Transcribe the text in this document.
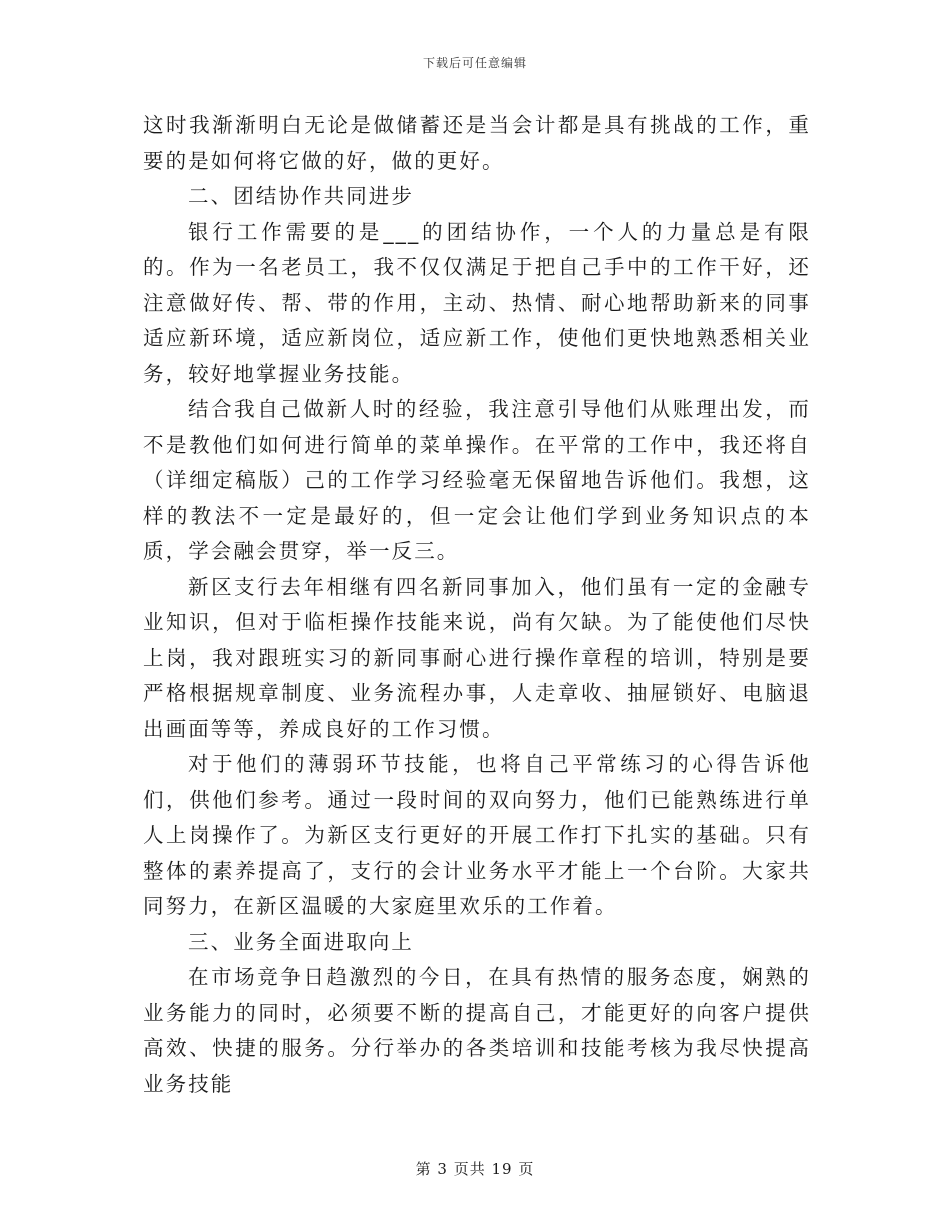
下载后可任意编辑

这时我渐渐明白无论是做储蓄还是当会计都是具有挑战的工作，重要的是如何将它做的好，做的更好。

二、团结协作共同进步

银行工作需要的是___的团结协作，一个人的力量总是有限的。作为一名老员工，我不仅仅满足于把自己手中的工作干好，还注意做好传、帮、带的作用，主动、热情、耐心地帮助新来的同事适应新环境，适应新岗位，适应新工作，使他们更快地熟悉相关业务，较好地掌握业务技能。

结合我自己做新人时的经验，我注意引导他们从账理出发，而不是教他们如何进行简单的菜单操作。在平常的工作中，我还将自（详细定稿版）己的工作学习经验毫无保留地告诉他们。我想，这样的教法不一定是最好的，但一定会让他们学到业务知识点的本质，学会融会贯穿，举一反三。

新区支行去年相继有四名新同事加入，他们虽有一定的金融专业知识，但对于临柜操作技能来说，尚有欠缺。为了能使他们尽快上岗，我对跟班实习的新同事耐心进行操作章程的培训，特别是要严格根据规章制度、业务流程办事，人走章收、抽屉锁好、电脑退出画面等等，养成良好的工作习惯。

对于他们的薄弱环节技能，也将自己平常练习的心得告诉他们，供他们参考。通过一段时间的双向努力，他们已能熟练进行单人上岗操作了。为新区支行更好的开展工作打下扎实的基础。只有整体的素养提高了，支行的会计业务水平才能上一个台阶。大家共同努力，在新区温暖的大家庭里欢乐的工作着。

三、业务全面进取向上

在市场竞争日趋激烈的今日，在具有热情的服务态度，娴熟的业务能力的同时，必须要不断的提高自己，才能更好的向客户提供高效、快捷的服务。分行举办的各类培训和技能考核为我尽快提高业务技能

第 3 页共 19 页
